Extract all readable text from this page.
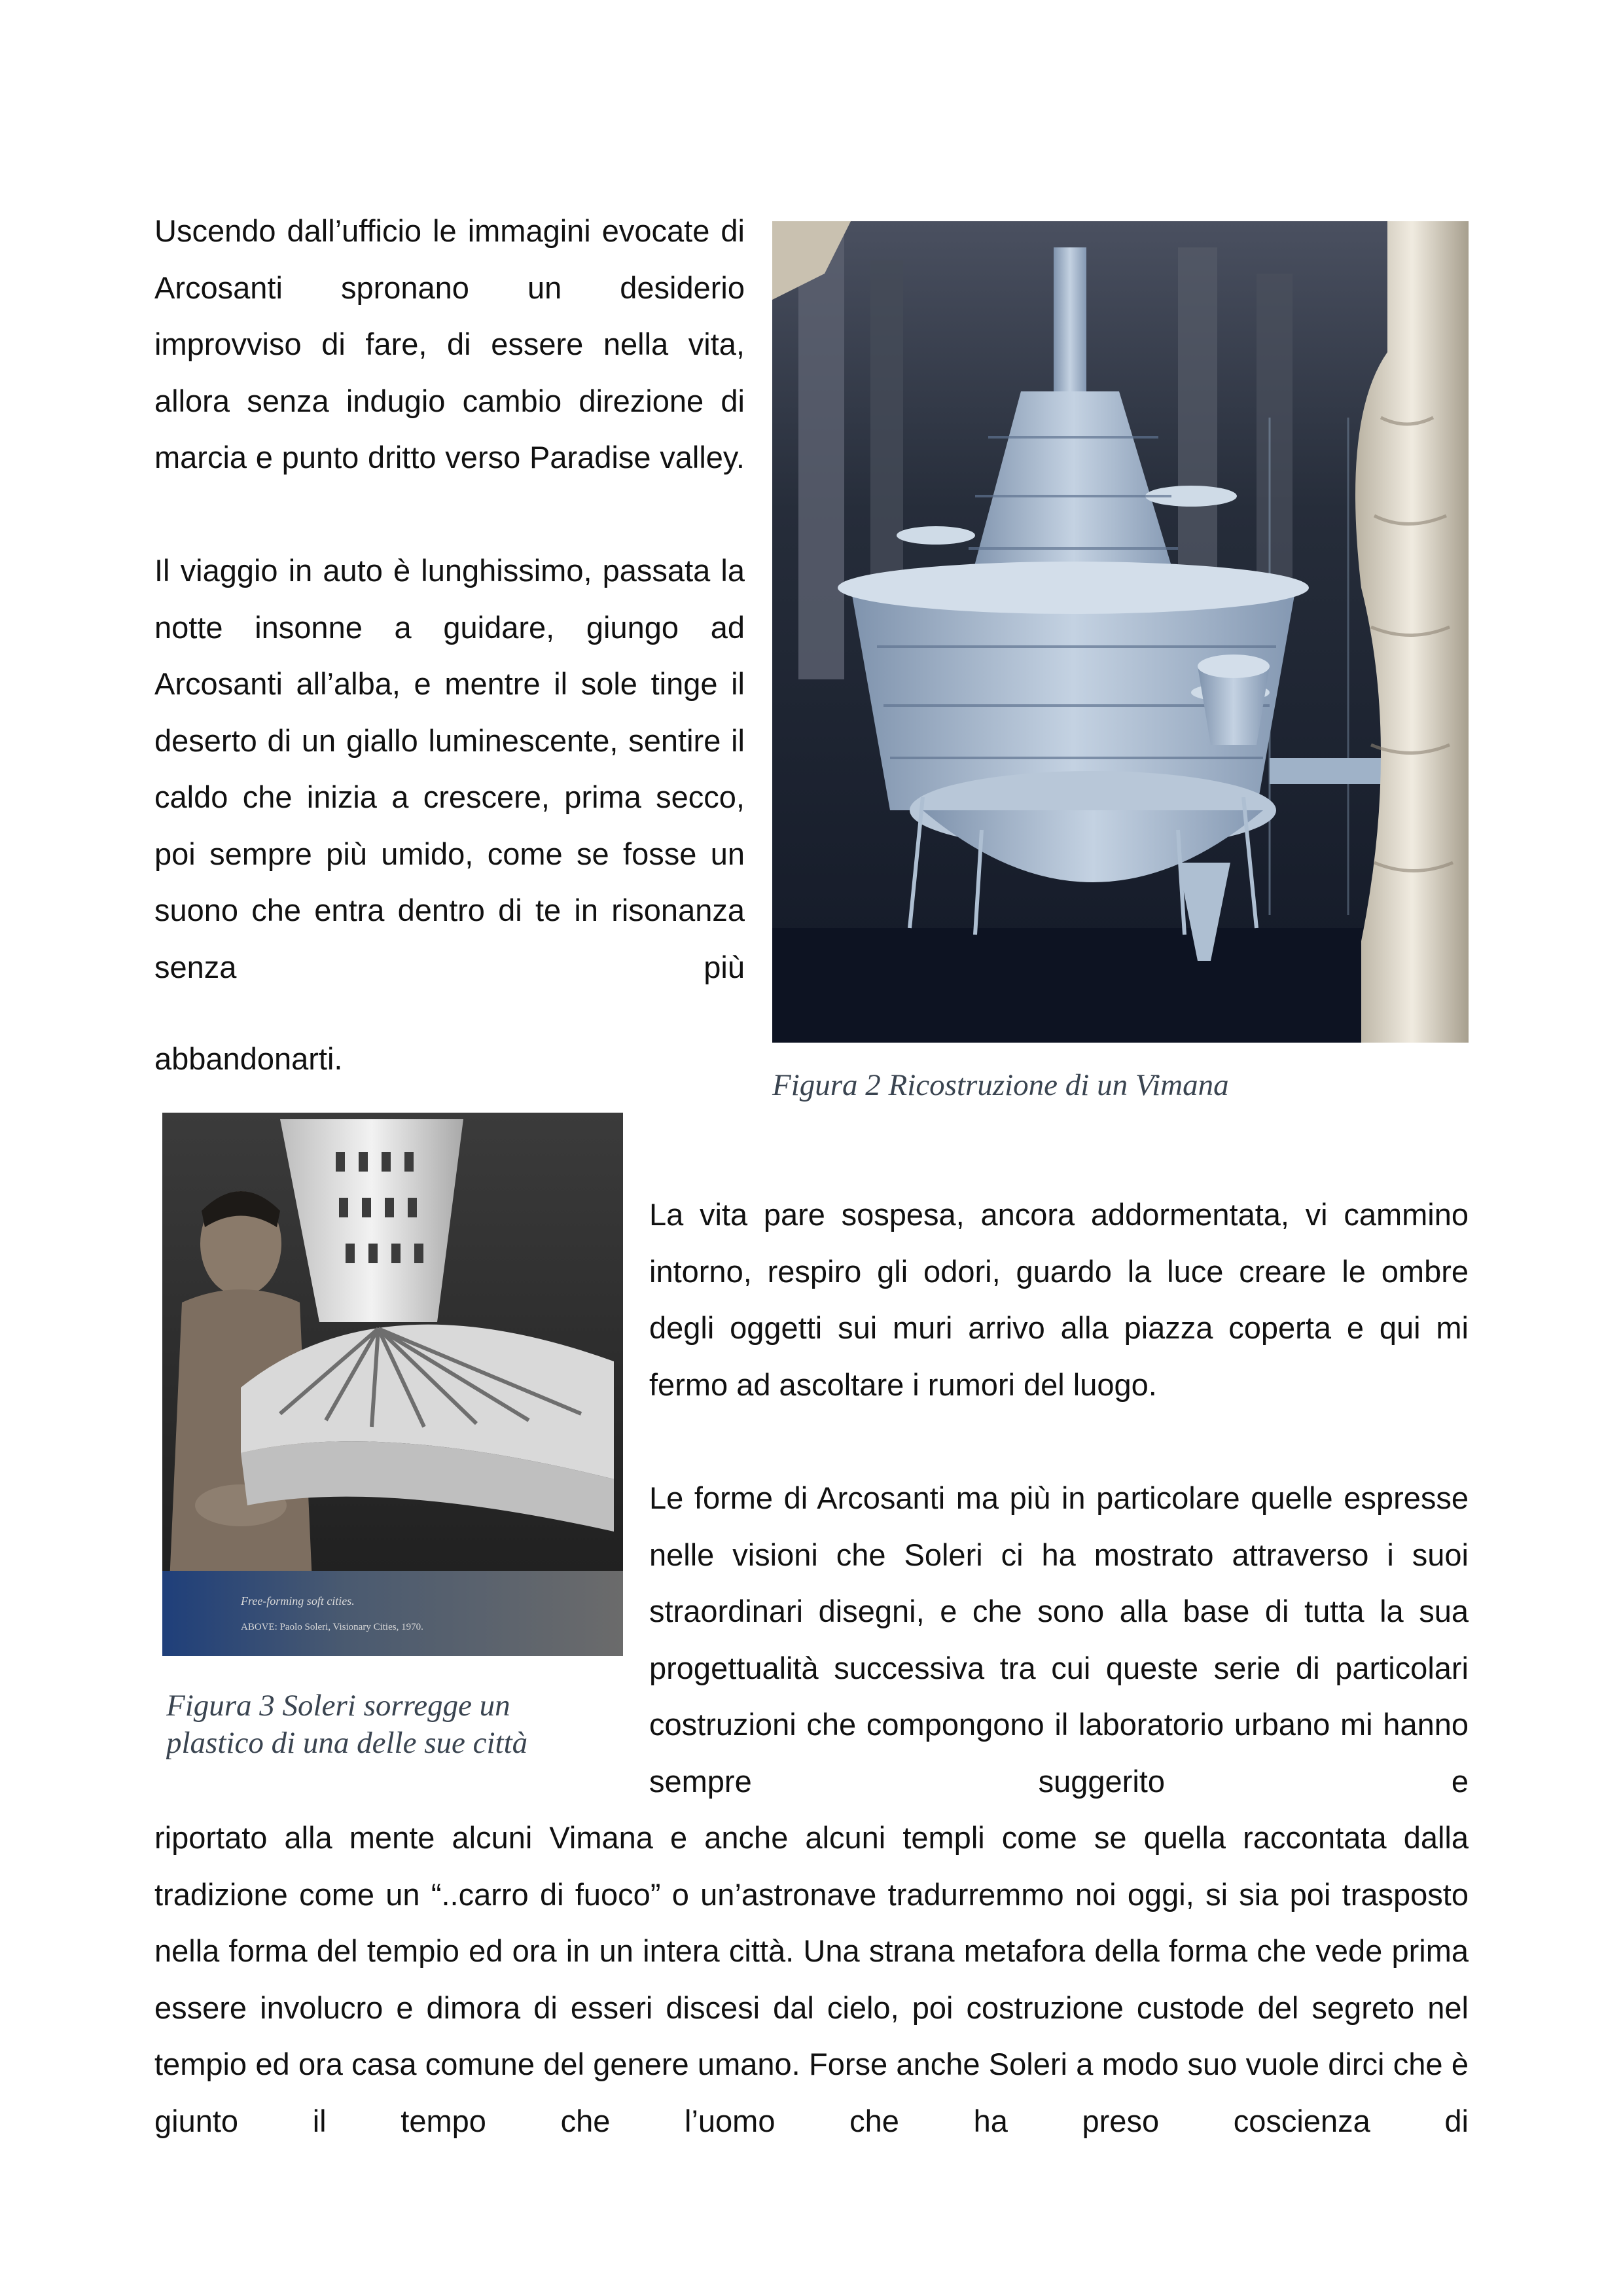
Uscendo dall’ufficio le immagini evocate di Arcosanti spronano un desiderio improvviso di fare, di essere nella vita, allora senza indugio cambio direzione di marcia e punto dritto verso Paradise valley.
Il viaggio in auto è lunghissimo, passata la notte insonne a guidare, giungo ad Arcosanti all’alba, e mentre il sole tinge il deserto di un giallo luminescente, sentire il caldo che inizia a crescere, prima secco, poi sempre più umido, come se fosse un suono che entra dentro di te in risonanza senza più
abbandonarti.
Figura 2 Ricostruzione di un Vimana
Free-forming soft cities.
ABOVE: Paolo Soleri, Visionary Cities, 1970.
Figura 3 Soleri sorregge un
plastico di una delle sue città
La vita pare sospesa, ancora addormentata, vi cammino intorno, respiro gli odori, guardo la luce creare le ombre degli oggetti sui muri arrivo alla piazza coperta e qui mi fermo ad ascoltare i rumori del luogo.
Le forme di Arcosanti ma più in particolare quelle espresse nelle visioni che Soleri ci ha mostrato attraverso i suoi straordinari disegni, e che sono alla base di tutta la sua progettualità successiva tra cui queste serie di particolari costruzioni che compongono il laboratorio urbano mi hanno sempre suggerito e
riportato alla mente alcuni Vimana e anche alcuni templi come se quella raccontata dalla tradizione come un “..carro di fuoco” o un’astronave tradurremmo noi oggi, si sia poi trasposto nella forma del tempio ed ora in un intera città. Una strana metafora della forma che vede prima essere involucro e dimora di esseri discesi dal cielo, poi costruzione custode del segreto nel tempio ed ora casa comune del genere umano. Forse anche Soleri a modo suo vuole dirci che è giunto il tempo che l’uomo che ha preso coscienza di
